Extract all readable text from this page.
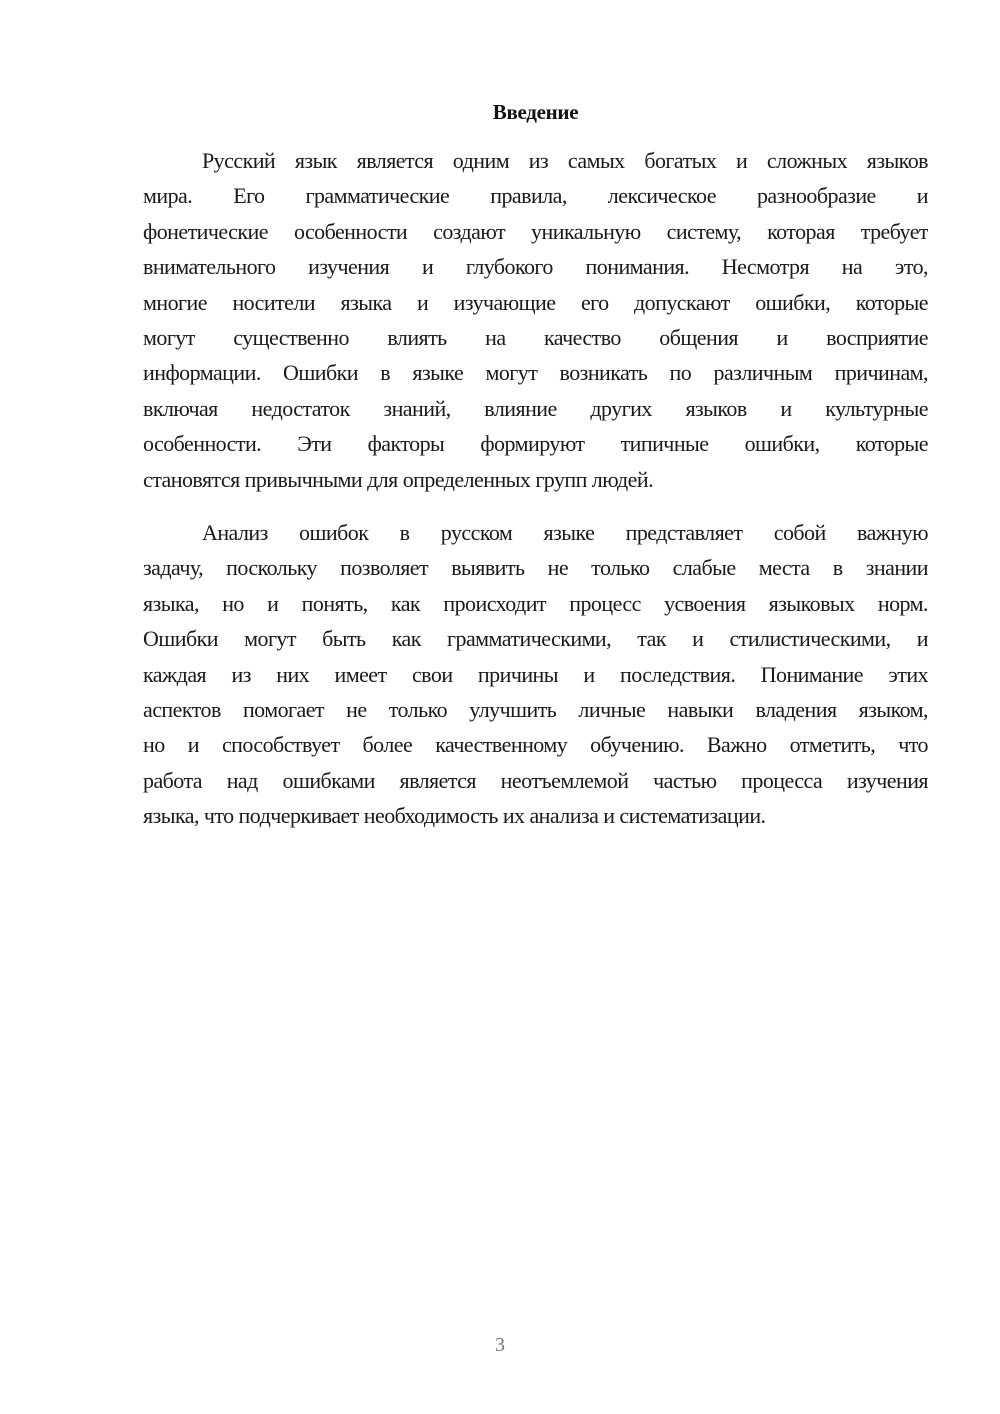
Введение
Русский язык является одним из самых богатых и сложных языков
мира. Его грамматические правила, лексическое разнообразие и
фонетические особенности создают уникальную систему, которая требует
внимательного изучения и глубокого понимания. Несмотря на это,
многие носители языка и изучающие его допускают ошибки, которые
могут существенно влиять на качество общения и восприятие
информации. Ошибки в языке могут возникать по различным причинам,
включая недостаток знаний, влияние других языков и культурные
особенности. Эти факторы формируют типичные ошибки, которые
становятся привычными для определенных групп людей.
Анализ ошибок в русском языке представляет собой важную
задачу, поскольку позволяет выявить не только слабые места в знании
языка, но и понять, как происходит процесс усвоения языковых норм.
Ошибки могут быть как грамматическими, так и стилистическими, и
каждая из них имеет свои причины и последствия. Понимание этих
аспектов помогает не только улучшить личные навыки владения языком,
но и способствует более качественному обучению. Важно отметить, что
работа над ошибками является неотъемлемой частью процесса изучения
языка, что подчеркивает необходимость их анализа и систематизации.
3
